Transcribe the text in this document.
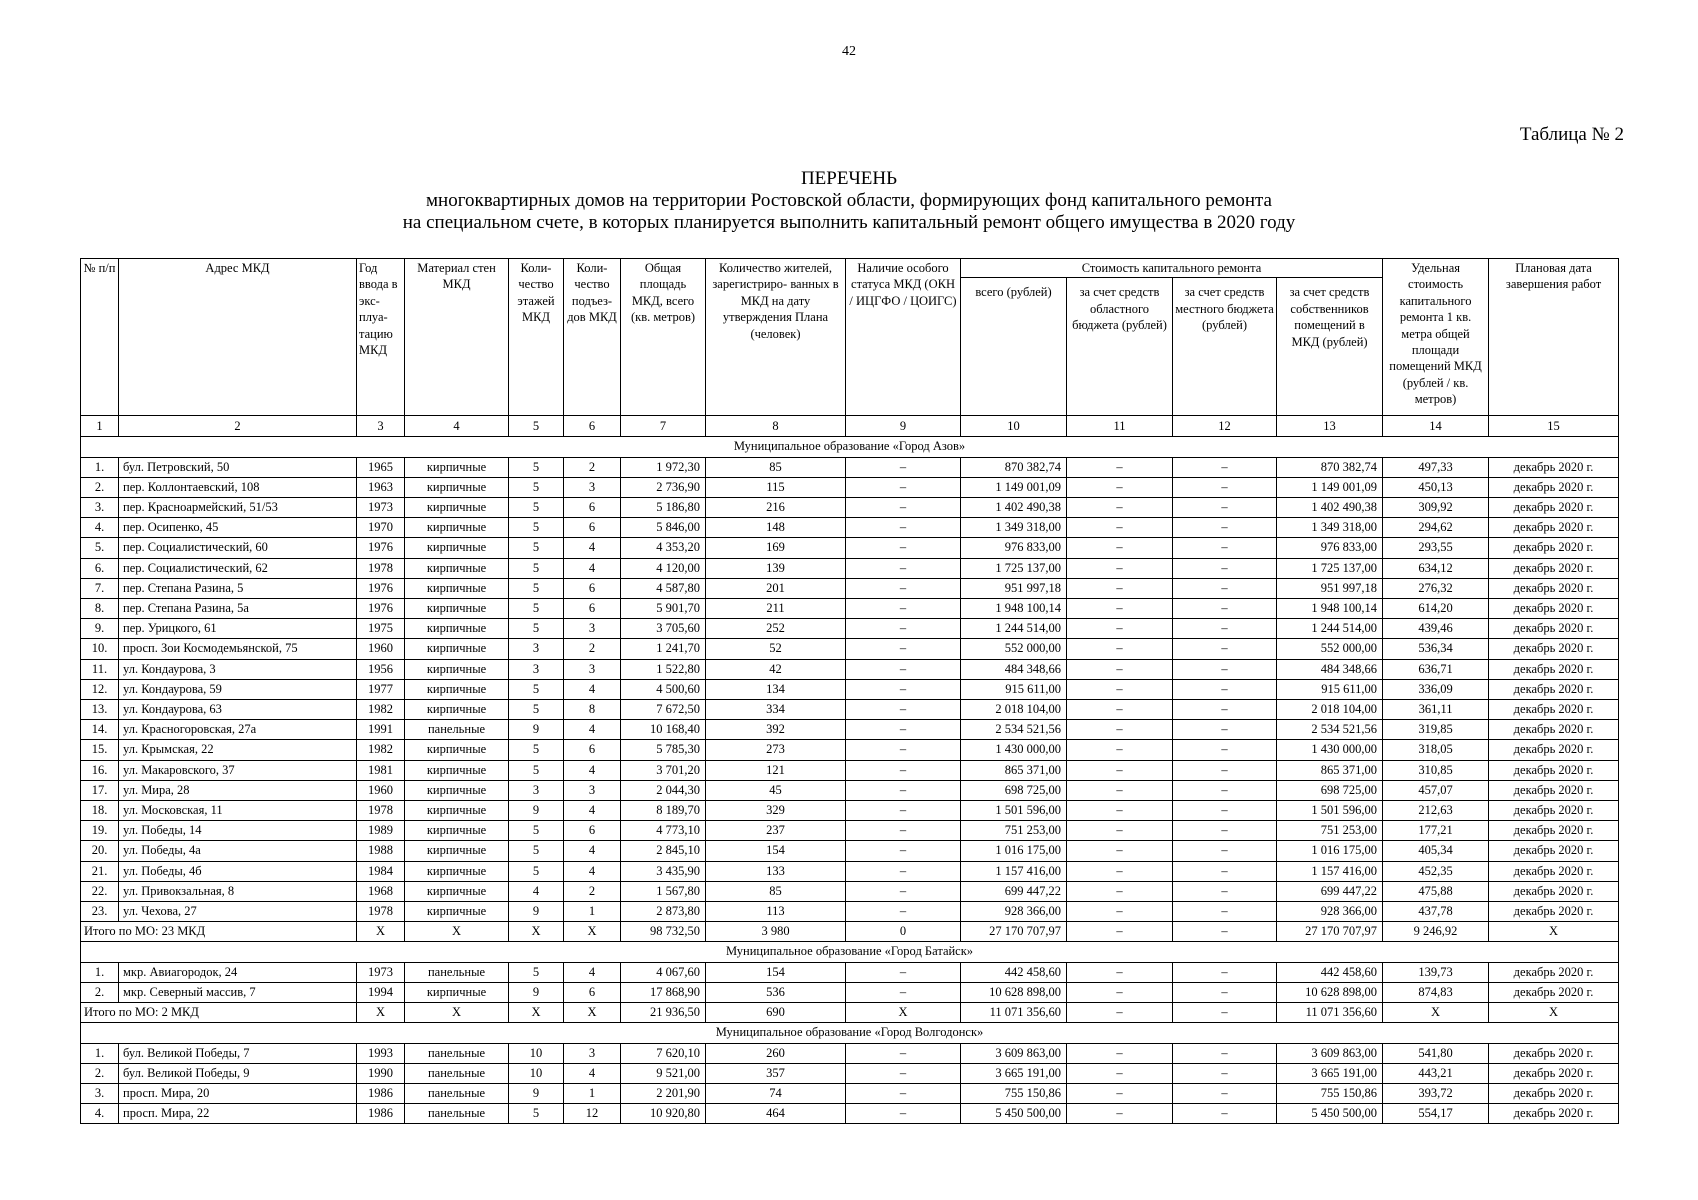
42
Таблица № 2
ПЕРЕЧЕНЬ
многоквартирных домов на территории Ростовской области, формирующих фонд капитального ремонта
на специальном счете, в которых планируется выполнить капитальный ремонт общего имущества в 2020 году
№ п/п	Адрес МКД	Год ввода в экс- плуа- тацию МКД	Материал стен МКД	Коли- чество этажей МКД	Коли- чество подъез- дов МКД	Общая площадь МКД, всего (кв. метров)	Количество жителей, зарегистриро- ванных в МКД на дату утверждения Плана (человек)	Наличие особого статуса МКД (ОКН / ИЦГФО / ЦОИГС)	Стоимость капитального ремонта				Удельная стоимость капитального ремонта 1 кв. метра общей площади помещений МКД (рублей / кв. метров)	Плановая дата завершения работ
									всего (рублей)	за счет средств областного бюджета (рублей)	за счет средств местного бюджета (рублей)	за счет средств собственников помещений в МКД (рублей)		
1	2	3	4	5	6	7	8	9	10	11	12	13	14	15
Муниципальное образование «Город Азов»														
1.	бул. Петровский, 50	1965	кирпичные	5	2	1 972,30	85	–	870 382,74	–	–	870 382,74	497,33	декабрь 2020 г.
2.	пер. Коллонтаевский, 108	1963	кирпичные	5	3	2 736,90	115	–	1 149 001,09	–	–	1 149 001,09	450,13	декабрь 2020 г.
3.	пер. Красноармейский, 51/53	1973	кирпичные	5	6	5 186,80	216	–	1 402 490,38	–	–	1 402 490,38	309,92	декабрь 2020 г.
4.	пер. Осипенко, 45	1970	кирпичные	5	6	5 846,00	148	–	1 349 318,00	–	–	1 349 318,00	294,62	декабрь 2020 г.
5.	пер. Социалистический, 60	1976	кирпичные	5	4	4 353,20	169	–	976 833,00	–	–	976 833,00	293,55	декабрь 2020 г.
6.	пер. Социалистический, 62	1978	кирпичные	5	4	4 120,00	139	–	1 725 137,00	–	–	1 725 137,00	634,12	декабрь 2020 г.
7.	пер. Степана Разина, 5	1976	кирпичные	5	6	4 587,80	201	–	951 997,18	–	–	951 997,18	276,32	декабрь 2020 г.
8.	пер. Степана Разина, 5а	1976	кирпичные	5	6	5 901,70	211	–	1 948 100,14	–	–	1 948 100,14	614,20	декабрь 2020 г.
9.	пер. Урицкого, 61	1975	кирпичные	5	3	3 705,60	252	–	1 244 514,00	–	–	1 244 514,00	439,46	декабрь 2020 г.
10.	просп. Зои Космодемьянской, 75	1960	кирпичные	3	2	1 241,70	52	–	552 000,00	–	–	552 000,00	536,34	декабрь 2020 г.
11.	ул. Кондаурова, 3	1956	кирпичные	3	3	1 522,80	42	–	484 348,66	–	–	484 348,66	636,71	декабрь 2020 г.
12.	ул. Кондаурова, 59	1977	кирпичные	5	4	4 500,60	134	–	915 611,00	–	–	915 611,00	336,09	декабрь 2020 г.
13.	ул. Кондаурова, 63	1982	кирпичные	5	8	7 672,50	334	–	2 018 104,00	–	–	2 018 104,00	361,11	декабрь 2020 г.
14.	ул. Красногоровская, 27а	1991	панельные	9	4	10 168,40	392	–	2 534 521,56	–	–	2 534 521,56	319,85	декабрь 2020 г.
15.	ул. Крымская, 22	1982	кирпичные	5	6	5 785,30	273	–	1 430 000,00	–	–	1 430 000,00	318,05	декабрь 2020 г.
16.	ул. Макаровского, 37	1981	кирпичные	5	4	3 701,20	121	–	865 371,00	–	–	865 371,00	310,85	декабрь 2020 г.
17.	ул. Мира, 28	1960	кирпичные	3	3	2 044,30	45	–	698 725,00	–	–	698 725,00	457,07	декабрь 2020 г.
18.	ул. Московская, 11	1978	кирпичные	9	4	8 189,70	329	–	1 501 596,00	–	–	1 501 596,00	212,63	декабрь 2020 г.
19.	ул. Победы, 14	1989	кирпичные	5	6	4 773,10	237	–	751 253,00	–	–	751 253,00	177,21	декабрь 2020 г.
20.	ул. Победы, 4а	1988	кирпичные	5	4	2 845,10	154	–	1 016 175,00	–	–	1 016 175,00	405,34	декабрь 2020 г.
21.	ул. Победы, 4б	1984	кирпичные	5	4	3 435,90	133	–	1 157 416,00	–	–	1 157 416,00	452,35	декабрь 2020 г.
22.	ул. Привокзальная, 8	1968	кирпичные	4	2	1 567,80	85	–	699 447,22	–	–	699 447,22	475,88	декабрь 2020 г.
23.	ул. Чехова, 27	1978	кирпичные	9	1	2 873,80	113	–	928 366,00	–	–	928 366,00	437,78	декабрь 2020 г.
Итого по МО: 23 МКД		X	X	X	X	98 732,50	3 980	0	27 170 707,97	–	–	27 170 707,97	9 246,92	X
Муниципальное образование «Город Батайск»														
1.	мкр. Авиагородок, 24	1973	панельные	5	4	4 067,60	154	–	442 458,60	–	–	442 458,60	139,73	декабрь 2020 г.
2.	мкр. Северный массив, 7	1994	кирпичные	9	6	17 868,90	536	–	10 628 898,00	–	–	10 628 898,00	874,83	декабрь 2020 г.
Итого по МО: 2 МКД		X	X	X	X	21 936,50	690	X	11 071 356,60	–	–	11 071 356,60	X	X
Муниципальное образование «Город Волгодонск»														
1.	бул. Великой Победы, 7	1993	панельные	10	3	7 620,10	260	–	3 609 863,00	–	–	3 609 863,00	541,80	декабрь 2020 г.
2.	бул. Великой Победы, 9	1990	панельные	10	4	9 521,00	357	–	3 665 191,00	–	–	3 665 191,00	443,21	декабрь 2020 г.
3.	просп. Мира, 20	1986	панельные	9	1	2 201,90	74	–	755 150,86	–	–	755 150,86	393,72	декабрь 2020 г.
4.	просп. Мира, 22	1986	панельные	5	12	10 920,80	464	–	5 450 500,00	–	–	5 450 500,00	554,17	декабрь 2020 г.
